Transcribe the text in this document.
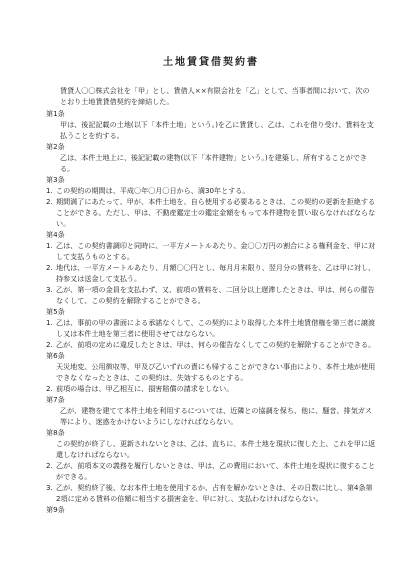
土地賃貸借契約書
賃貸人〇〇株式会社を「甲」とし、賃借人××有限会社を「乙」として、当事者間において、次のとおり土地賃貸借契約を締結した。
第1条
甲は、後記記載の土地(以下「本件土地」という。)を乙に賃貸し、乙は、これを借り受け、賃料を支払うことを約する。
第2条
乙は、本件土地上に、後記記載の建物(以下「本件建物」という。)を建築し、所有することができる。
第3条
1. この契約の期間は、平成〇年〇月〇日から、満30年とする。
2. 期間満了にあたって、甲が、本件土地を、自ら使用する必要あるときは、この契約の更新を拒絶することができる。ただし、甲は、不動産鑑定士の鑑定金額をもって本件建物を買い取らなければならない。
第4条
1. 乙は、この契約書調印と同時に、一平方メートルあたり、金〇〇万円の割合による権利金を、甲に対して支払うものとする。
2. 地代は、一平方メートルあたり、月額〇〇円とし、毎月月末限り、翌月分の賃料を、乙は甲に対し、持参又は送金して支払う。
3. 乙が、第一項の金員を支払わず、又、前項の賃料を、二回分以上遅滞したときは、甲は、何らの催告なくして、この契約を解除することができる。
第5条
1. 乙は、事前の甲の書面による承諾なくして、この契約により取得した本件土地賃借権を第三者に譲渡し又は本件土地を第三者に使用させてはならない。
2. 乙が、前項の定めに違反したときは、甲は、何らの催告なくしてこの契約を解除することができる。
第6条
天災地変、公用徴収等、甲及び乙いずれの責にも帰することができない事由により、本件土地が使用できなくなったときは、この契約は、失効するものとする。
2. 前項の場合は、甲乙相互に、損害賠償の請求をしない。
第7条
乙が、建物を建てて本件土地を利用するについては、近隣との協調を保ち、他に、騒音、排気ガス等により、迷惑をかけないようにしなければならない。
第8条
この契約が終了し、更新されないときは、乙は、直ちに、本件土地を現状に復した上、これを甲に返還しなければならない。
2. 乙が、前項本文の義務を履行しないときは、甲は、乙の費用において、本件土地を現状に復することができる。
3. 乙が、契約終了後、なお本件土地を使用するか、占有を解かないときは、その日数に比し、第4条第2項に定める賃料の倍額に相当する損害金を、甲に対し、支払わなければならない。
第9条
